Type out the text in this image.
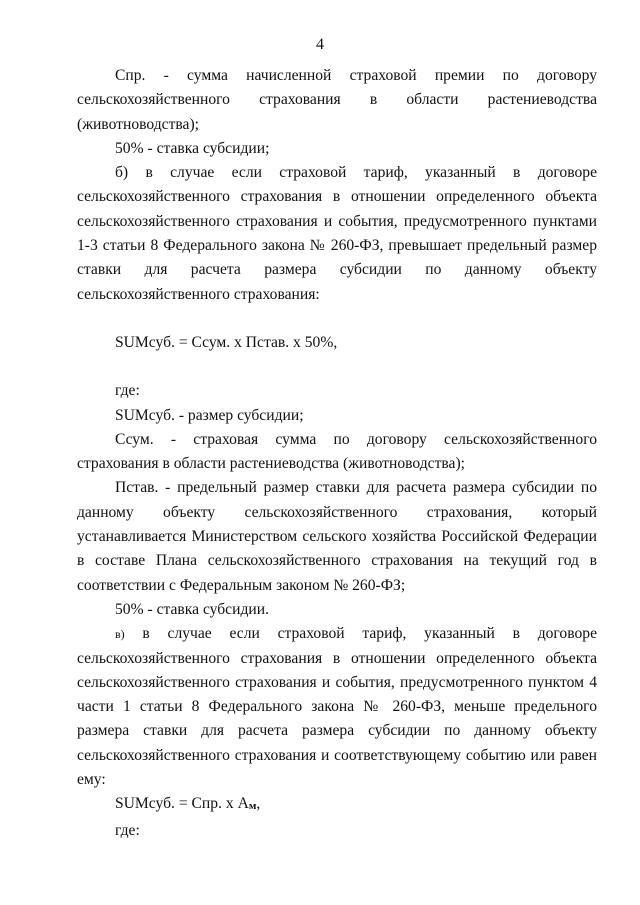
4

Спр. - сумма начисленной страховой премии по договору сельскохозяйственного страхования в области растениеводства (животноводства);

50% - ставка субсидии;

б) в случае если страховой тариф, указанный в договоре сельскохозяйственного страхования в отношении определенного объекта сельскохозяйственного страхования и события, предусмотренного пунктами 1-3 статьи 8 Федерального закона № 260-ФЗ, превышает предельный размер ставки для расчета размера субсидии по данному объекту сельскохозяйственного страхования:

SUMсуб. = Ссум. х Пстав. х 50%,

где:

SUMсуб. - размер субсидии;

Ссум. - страховая сумма по договору сельскохозяйственного страхования в области растениеводства (животноводства);

Пстав. - предельный размер ставки для расчета размера субсидии по данному объекту сельскохозяйственного страхования, который устанавливается Министерством сельского хозяйства Российской Федерации в составе Плана сельскохозяйственного страхования на текущий год в соответствии с Федеральным законом № 260-ФЗ;

50% - ставка субсидии.

в) в случае если страховой тариф, указанный в договоре сельскохозяйственного страхования в отношении определенного объекта сельскохозяйственного страхования и события, предусмотренного пунктом 4 части 1 статьи 8 Федерального закона № 260-ФЗ, меньше предельного размера ставки для расчета размера субсидии по данному объекту сельскохозяйственного страхования и соответствующему событию или равен ему:

SUMсуб. = Спр. х Ам,

где:
